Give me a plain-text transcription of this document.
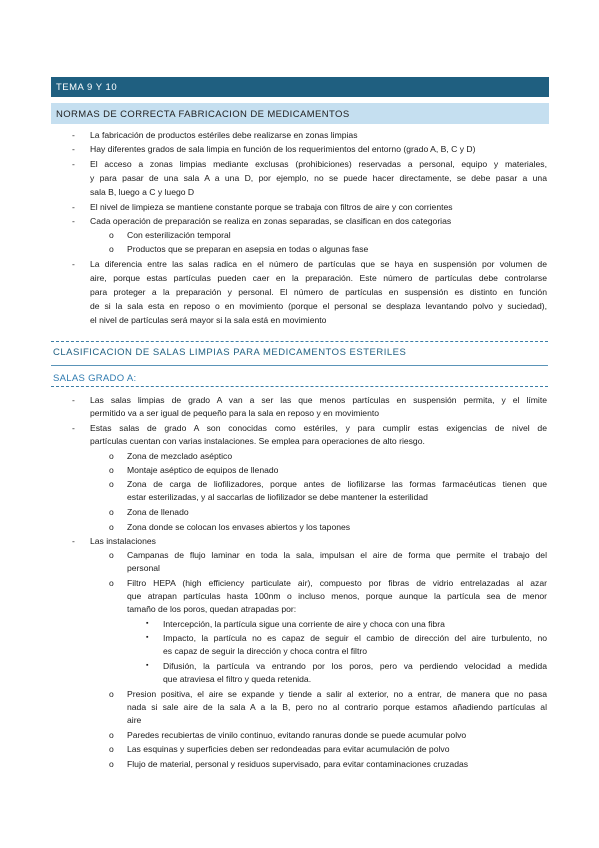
TEMA 9 Y 10
NORMAS DE CORRECTA FABRICACION DE MEDICAMENTOS
- La fabricación de productos estériles debe realizarse en zonas limpias
- Hay diferentes grados de sala limpia en función de los requerimientos del entorno (grado A, B, C y D)
- El acceso a zonas limpias mediante exclusas (prohibiciones) reservadas a personal, equipo y materiales,
y para pasar de una sala A a una D, por ejemplo, no se puede hacer directamente, se debe pasar a una
sala B, luego a C y luego D
- El nivel de limpieza se mantiene constante porque se trabaja con filtros de aire y con corrientes
- Cada operación de preparación se realiza en zonas separadas, se clasifican en dos categorias
o Con esterilización temporal
o Productos que se preparan en asepsia en todas o algunas fase
- La diferencia entre las salas radica en el número de partículas que se haya en suspensión por volumen de
aire, porque estas partículas pueden caer en la preparación. Este número de partículas debe controlarse
para proteger a la preparación y personal. El número de partículas en suspensión es distinto en función
de si la sala esta en reposo o en movimiento (porque el personal se desplaza levantando polvo y suciedad),
el nivel de partículas será mayor si la sala está en movimiento
CLASIFICACION DE SALAS LIMPIAS PARA MEDICAMENTOS ESTERILES
SALAS GRADO A:
- Las salas limpias de grado A van a ser las que menos partículas en suspensión permita, y el límite
permitido va a ser igual de pequeño para la sala en reposo y en movimiento
- Estas salas de grado A son conocidas como estériles, y para cumplir estas exigencias de nivel de
partículas cuentan con varias instalaciones. Se emplea para operaciones de alto riesgo.
o Zona de mezclado aséptico
o Montaje aséptico de equipos de llenado
o Zona de carga de liofilizadores, porque antes de liofilizarse las formas farmacéuticas tienen que
estar esterilizadas, y al saccarlas de liofilizador se debe mantener la esterilidad
o Zona de llenado
o Zona donde se colocan los envases abiertos y los tapones
- Las instalaciones
o Campanas de flujo laminar en toda la sala, impulsan el aire de forma que permite el trabajo del
personal
o Filtro HEPA (high efficiency particulate air), compuesto por fibras de vidrio entrelazadas al azar
que atrapan partículas hasta 100nm o incluso menos, porque aunque la partícula sea de menor
tamaño de los poros, quedan atrapadas por:
▪ Intercepción, la partícula sigue una corriente de aire y choca con una fibra
▪ Impacto, la partícula no es capaz de seguir el cambio de dirección del aire turbulento, no
es capaz de seguir la dirección y choca contra el filtro
▪ Difusión, la partícula va entrando por los poros, pero va perdiendo velocidad a medida
que atraviesa el filtro y queda retenida.
o Presion positiva, el aire se expande y tiende a salir al exterior, no a entrar, de manera que no pasa
nada si sale aire de la sala A a la B, pero no al contrario porque estamos añadiendo partículas al
aire
o Paredes recubiertas de vinilo continuo, evitando ranuras donde se puede acumular polvo
o Las esquinas y superficies deben ser redondeadas para evitar acumulación de polvo
o Flujo de material, personal y residuos supervisado, para evitar contaminaciones cruzadas
